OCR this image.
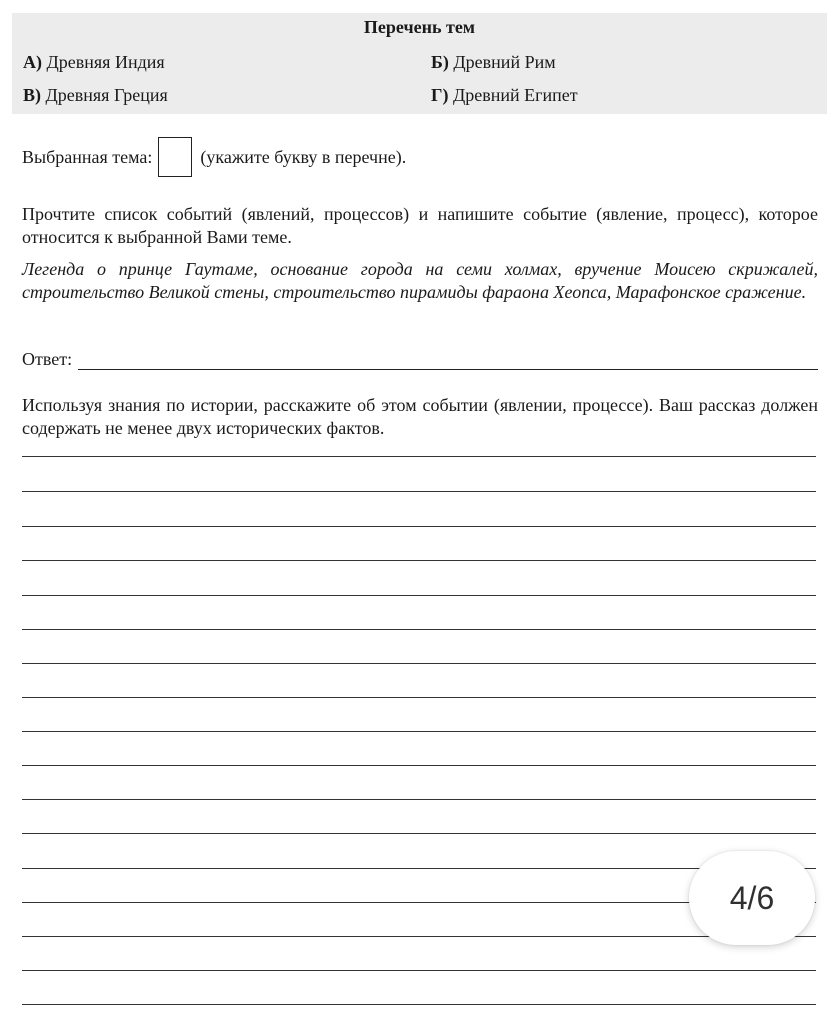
Перечень тем
А) Древняя Индия	Б) Древний Рим
В) Древняя Греция	Г) Древний Египет
Выбранная тема:	(укажите букву в перечне).
Прочтите список событий (явлений, процессов) и напишите событие (явление, процесс), которое относится к выбранной Вами теме.
Легенда о принце Гаутаме, основание города на семи холмах, вручение Моисею скрижалей, строительство Великой стены, строительство пирамиды фараона Хеопса, Марафонское сражение.
Ответ:
Используя знания по истории, расскажите об этом событии (явлении, процессе). Ваш рассказ должен содержать не менее двух исторических фактов.
4/6
